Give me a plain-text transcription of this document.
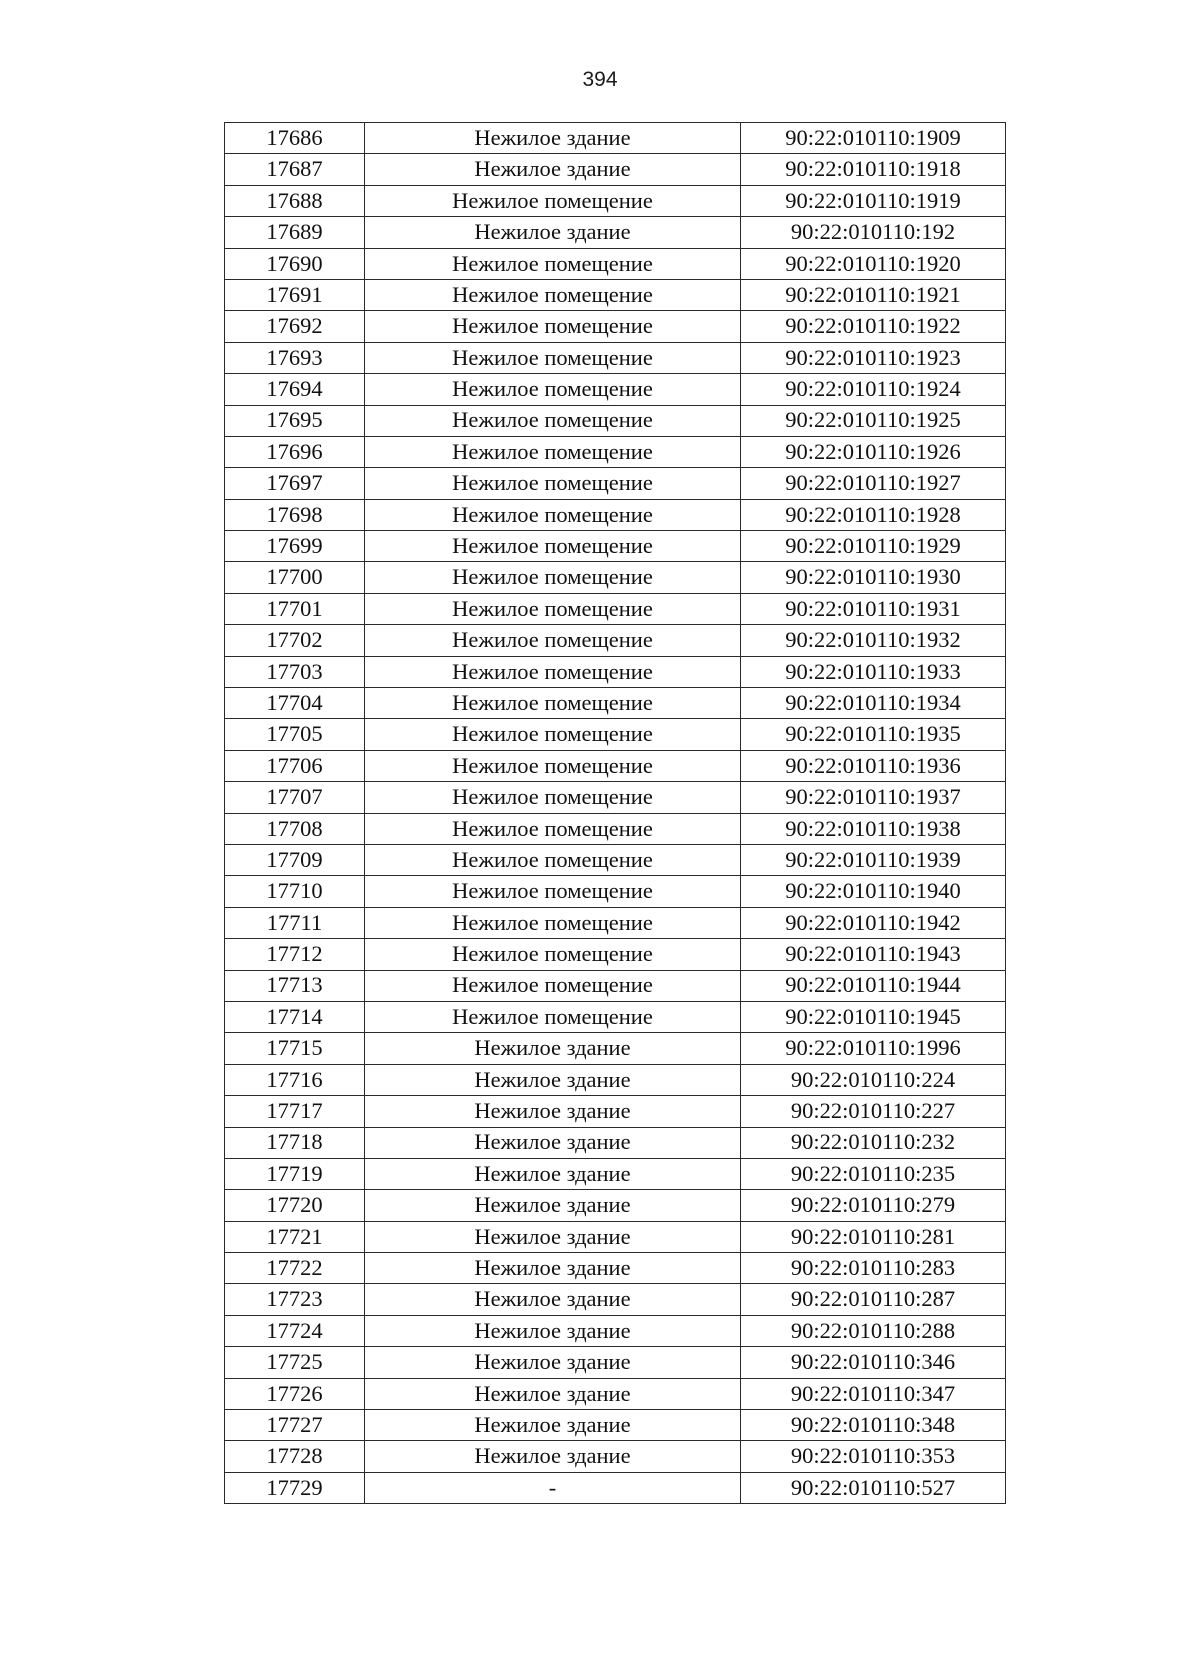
394
17686	Нежилое здание	90:22:010110:1909
17687	Нежилое здание	90:22:010110:1918
17688	Нежилое помещение	90:22:010110:1919
17689	Нежилое здание	90:22:010110:192
17690	Нежилое помещение	90:22:010110:1920
17691	Нежилое помещение	90:22:010110:1921
17692	Нежилое помещение	90:22:010110:1922
17693	Нежилое помещение	90:22:010110:1923
17694	Нежилое помещение	90:22:010110:1924
17695	Нежилое помещение	90:22:010110:1925
17696	Нежилое помещение	90:22:010110:1926
17697	Нежилое помещение	90:22:010110:1927
17698	Нежилое помещение	90:22:010110:1928
17699	Нежилое помещение	90:22:010110:1929
17700	Нежилое помещение	90:22:010110:1930
17701	Нежилое помещение	90:22:010110:1931
17702	Нежилое помещение	90:22:010110:1932
17703	Нежилое помещение	90:22:010110:1933
17704	Нежилое помещение	90:22:010110:1934
17705	Нежилое помещение	90:22:010110:1935
17706	Нежилое помещение	90:22:010110:1936
17707	Нежилое помещение	90:22:010110:1937
17708	Нежилое помещение	90:22:010110:1938
17709	Нежилое помещение	90:22:010110:1939
17710	Нежилое помещение	90:22:010110:1940
17711	Нежилое помещение	90:22:010110:1942
17712	Нежилое помещение	90:22:010110:1943
17713	Нежилое помещение	90:22:010110:1944
17714	Нежилое помещение	90:22:010110:1945
17715	Нежилое здание	90:22:010110:1996
17716	Нежилое здание	90:22:010110:224
17717	Нежилое здание	90:22:010110:227
17718	Нежилое здание	90:22:010110:232
17719	Нежилое здание	90:22:010110:235
17720	Нежилое здание	90:22:010110:279
17721	Нежилое здание	90:22:010110:281
17722	Нежилое здание	90:22:010110:283
17723	Нежилое здание	90:22:010110:287
17724	Нежилое здание	90:22:010110:288
17725	Нежилое здание	90:22:010110:346
17726	Нежилое здание	90:22:010110:347
17727	Нежилое здание	90:22:010110:348
17728	Нежилое здание	90:22:010110:353
17729	-	90:22:010110:527
